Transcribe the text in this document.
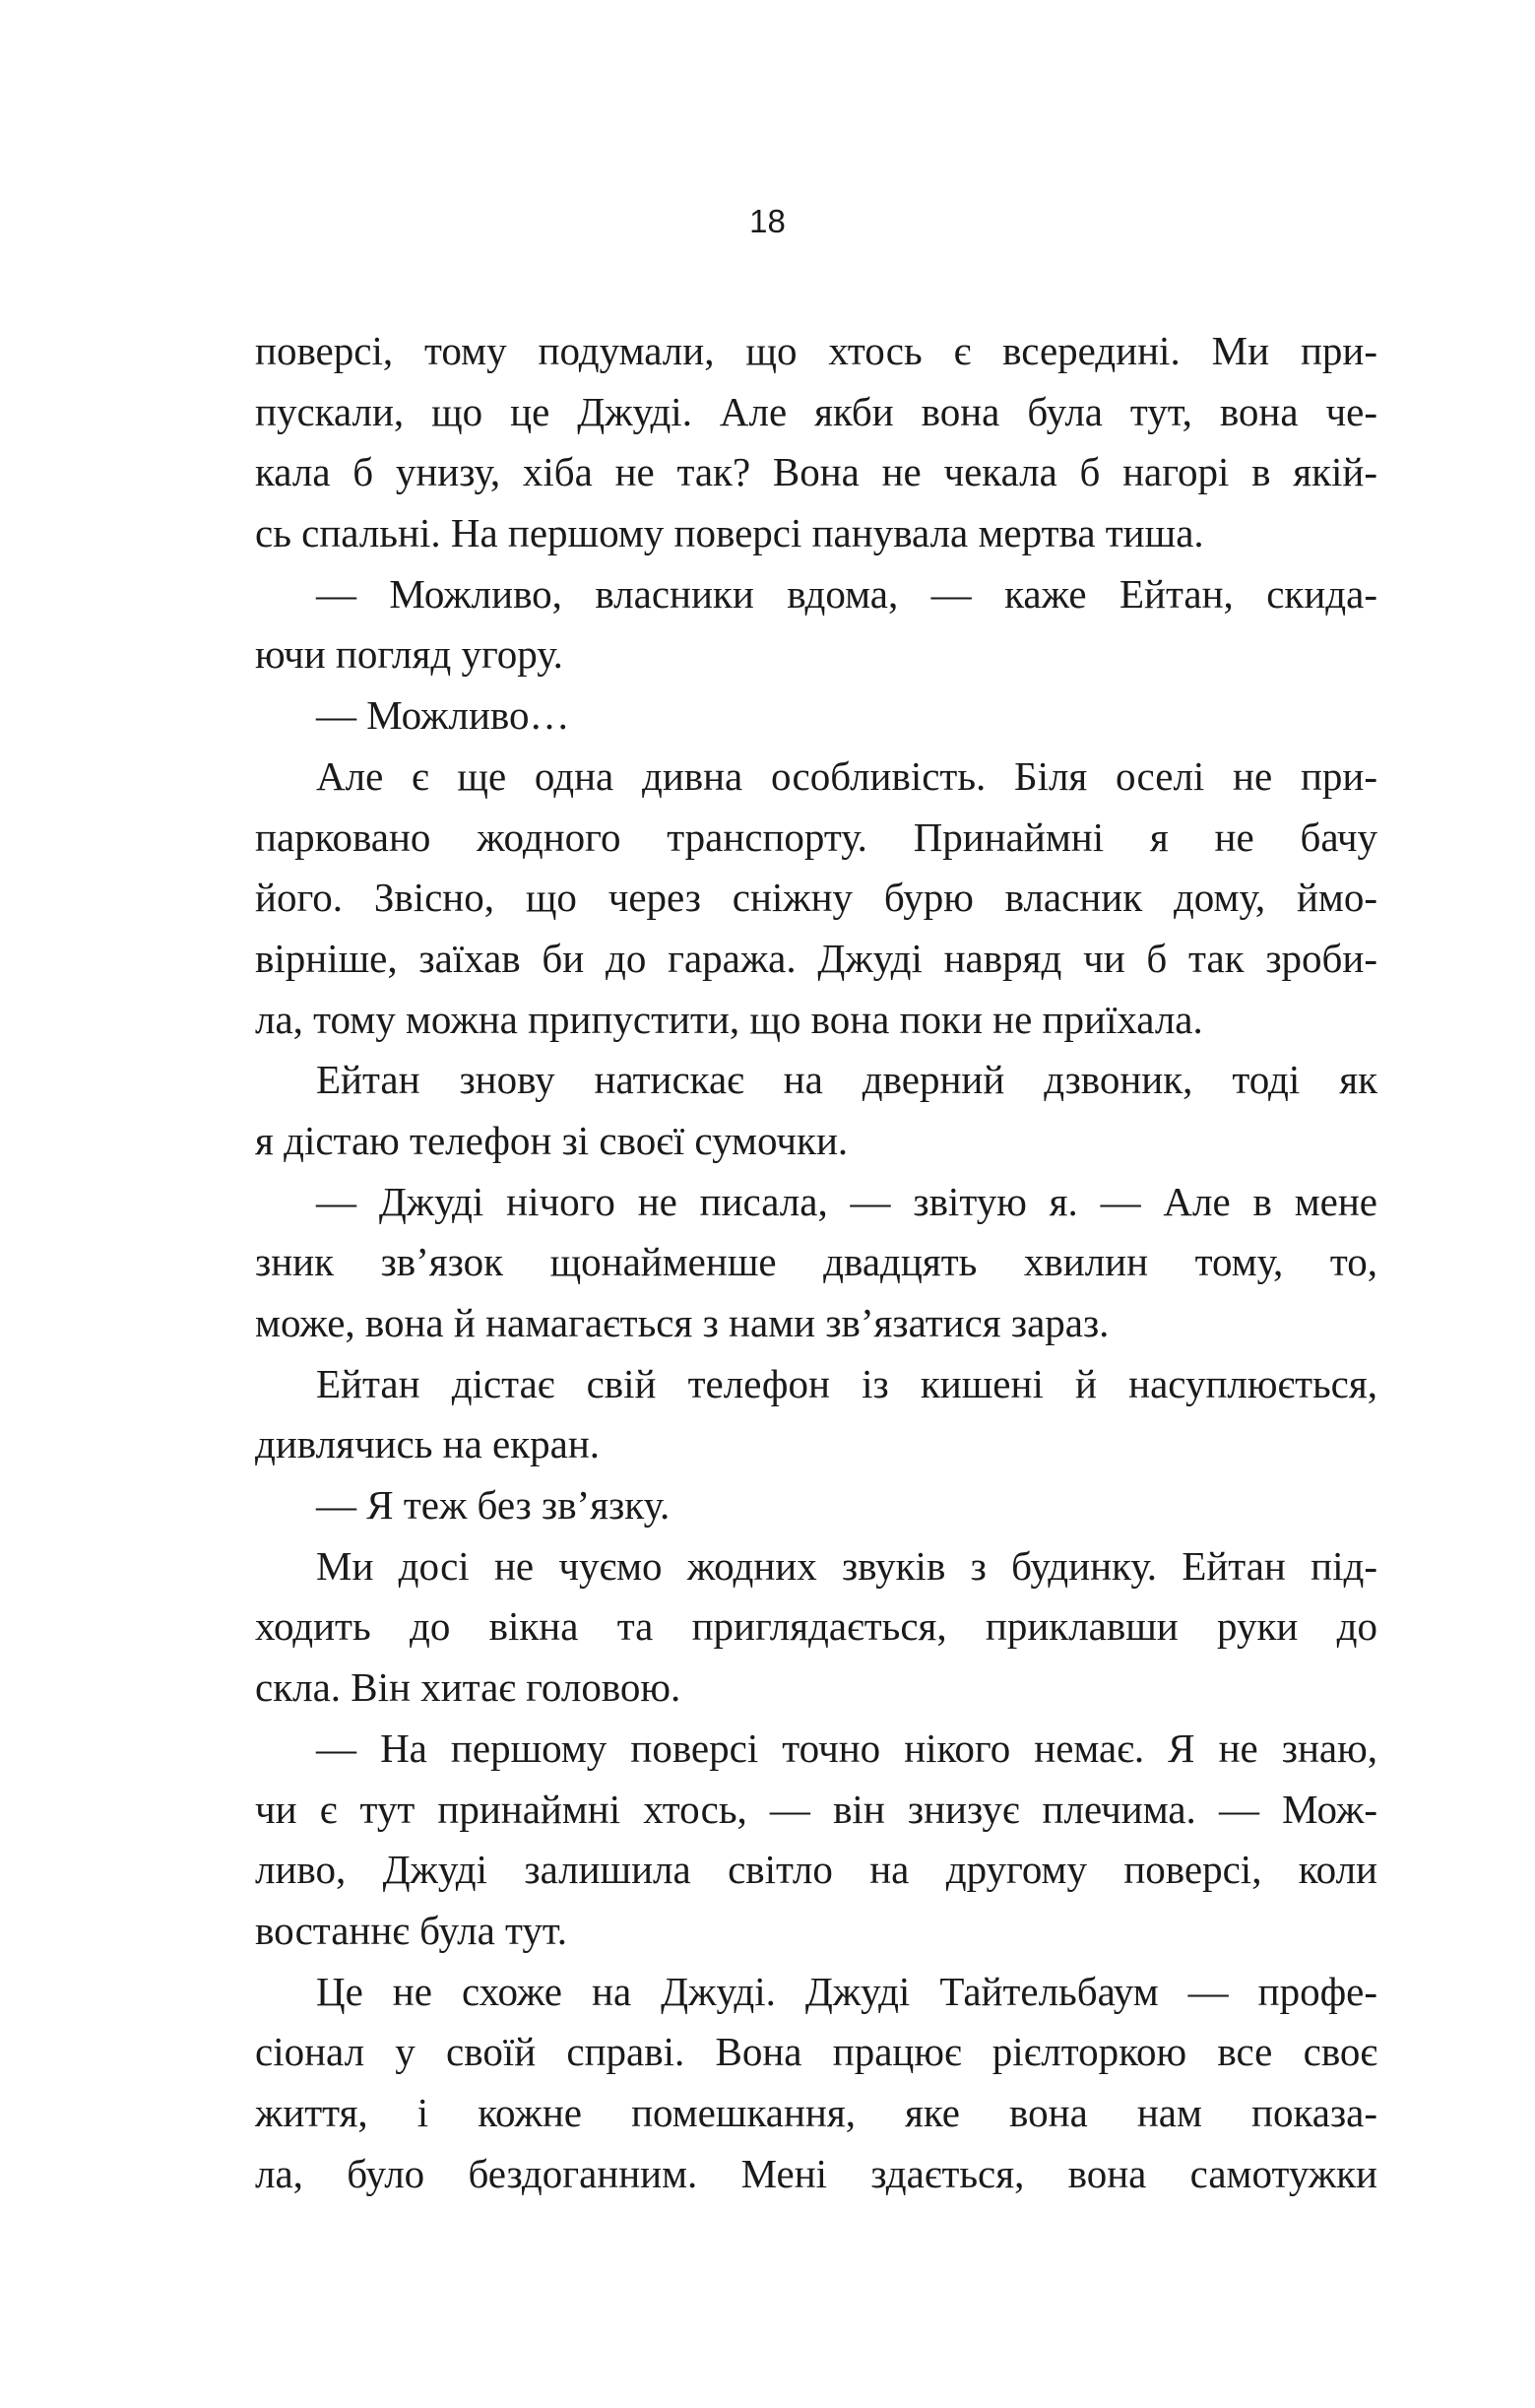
18
поверсі, тому подумали, що хтось є всередині. Ми при-
пускали, що це Джуді. Але якби вона була тут, вона че-
кала б унизу, хіба не так? Вона не чекала б нагорі в якій-
сь спальні. На першому поверсі панувала мертва тиша.
— Можливо, власники вдома, — каже Ейтан, скида-
ючи погляд угору.
— Можливо…
Але є ще одна дивна особливість. Біля оселі не при-
парковано жодного транспорту. Принаймні я не бачу
його. Звісно, що через сніжну бурю власник дому, ймо-
вірніше, заїхав би до гаража. Джуді навряд чи б так зроби-
ла, тому можна припустити, що вона поки не приїхала.
Ейтан знову натискає на дверний дзвоник, тоді як
я дістаю телефон зі своєї сумочки.
— Джуді нічого не писала, — звітую я. — Але в мене
зник зв’язок щонайменше двадцять хвилин тому, то,
може, вона й намагається з нами зв’язатися зараз.
Ейтан дістає свій телефон із кишені й насуплюється,
дивлячись на екран.
— Я теж без зв’язку.
Ми досі не чуємо жодних звуків з будинку. Ейтан під-
ходить до вікна та приглядається, приклавши руки до
скла. Він хитає головою.
— На першому поверсі точно нікого немає. Я не знаю,
чи є тут принаймні хтось, — він знизує плечима. — Мож-
ливо, Джуді залишила світло на другому поверсі, коли
востаннє була тут.
Це не схоже на Джуді. Джуді Тайтельбаум — профе-
сіонал у своїй справі. Вона працює рієлторкою все своє
життя, і кожне помешкання, яке вона нам показа-
ла, було бездоганним. Мені здається, вона самотужки
